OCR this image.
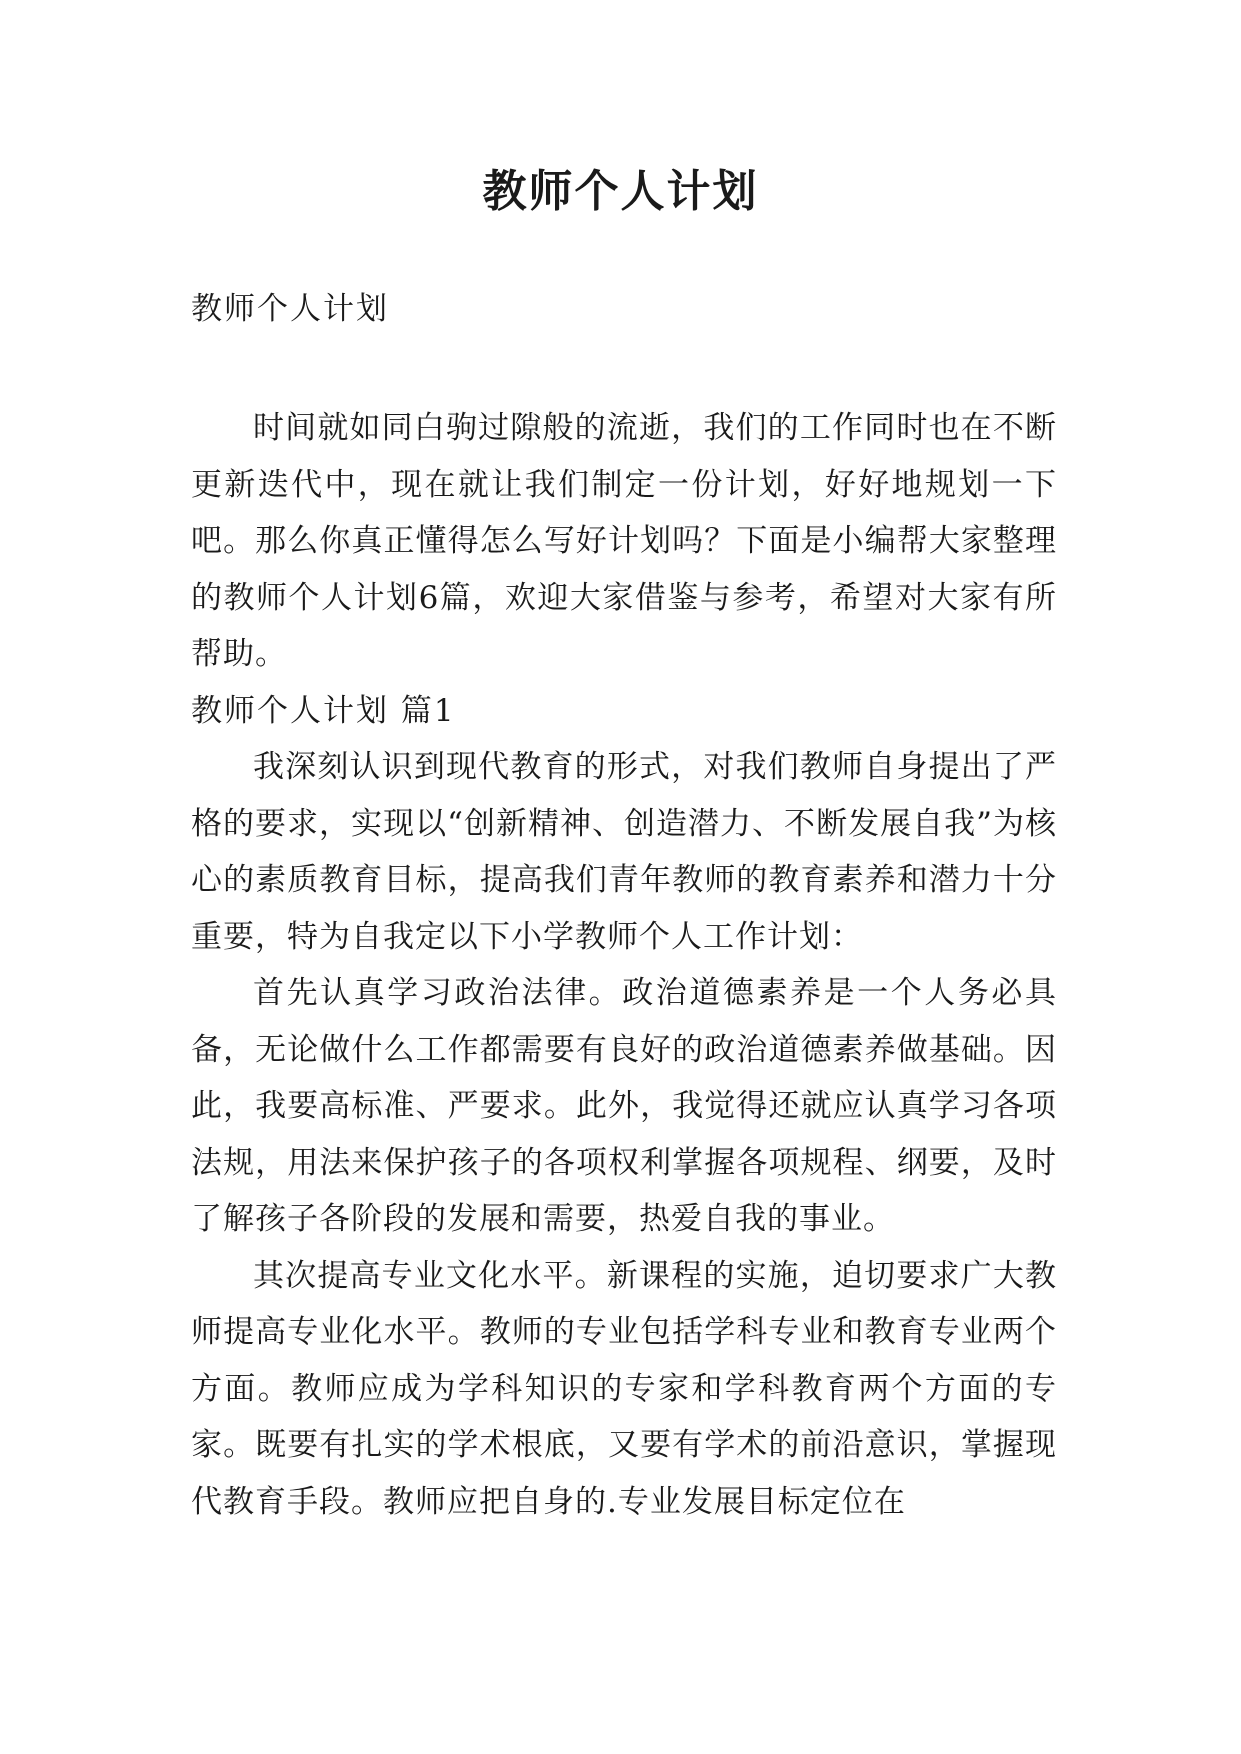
教师个人计划

教师个人计划

时间就如同白驹过隙般的流逝，我们的工作同时也在不断更新迭代中，现在就让我们制定一份计划，好好地规划一下吧。那么你真正懂得怎么写好计划吗？下面是小编帮大家整理的教师个人计划6篇，欢迎大家借鉴与参考，希望对大家有所帮助。

教师个人计划 篇1

我深刻认识到现代教育的形式，对我们教师自身提出了严格的要求，实现以“创新精神、创造潜力、不断发展自我”为核心的素质教育目标，提高我们青年教师的教育素养和潜力十分重要，特为自我定以下小学教师个人工作计划：

首先认真学习政治法律。政治道德素养是一个人务必具备，无论做什么工作都需要有良好的政治道德素养做基础。因此，我要高标准、严要求。此外，我觉得还就应认真学习各项法规，用法来保护孩子的各项权利掌握各项规程、纲要，及时了解孩子各阶段的发展和需要，热爱自我的事业。

其次提高专业文化水平。新课程的实施，迫切要求广大教师提高专业化水平。教师的专业包括学科专业和教育专业两个方面。教师应成为学科知识的专家和学科教育两个方面的专家。既要有扎实的学术根底，又要有学术的前沿意识，掌握现代教育手段。教师应把自身的.专业发展目标定位在
